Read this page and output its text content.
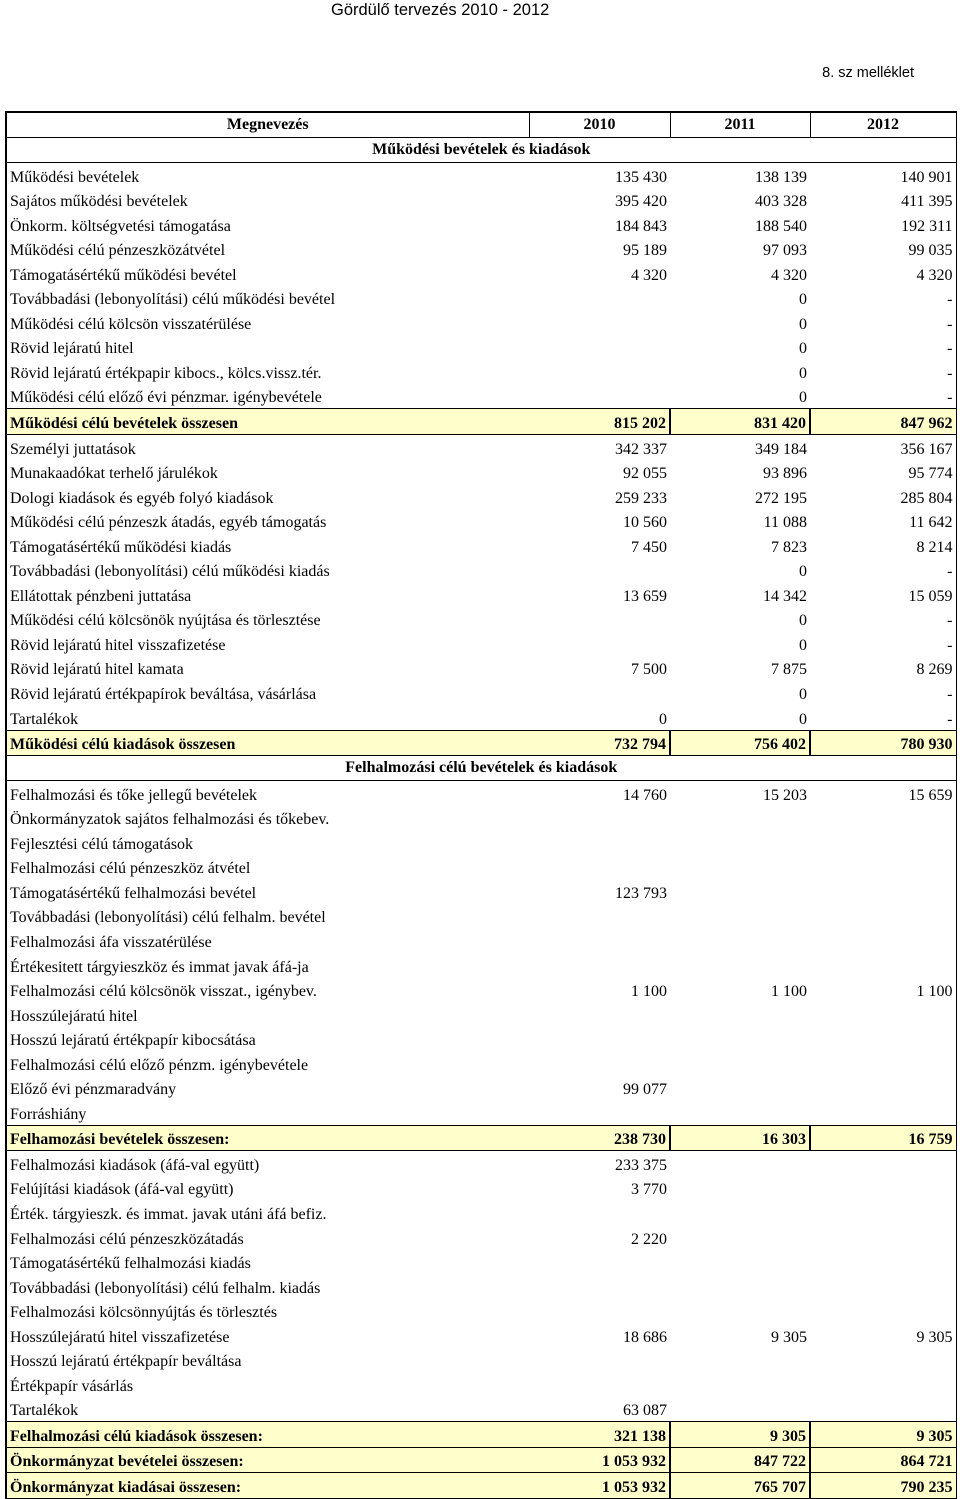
Gördülő tervezés 2010 - 2012
8. sz melléklet
Megnevezés	2010	2011	2012
Működési bevételek és kiadások			
Működési bevételek	135 430	138 139	140 901
Sajátos működési bevételek	395 420	403 328	411 395
Önkorm. költségvetési támogatása	184 843	188 540	192 311
Működési célú pénzeszközátvétel	95 189	97 093	99 035
Támogatásértékű működési bevétel	4 320	4 320	4 320
Továbbadási (lebonyolítási) célú működési bevétel		0	-
Működési célú kölcsön visszatérülése		0	-
Rövid lejáratú hitel		0	-
Rövid lejáratú értékpapir kibocs., kölcs.vissz.tér.		0	-
Működési célú előző évi pénzmar. igénybevétele		0	-
Működési célú bevételek összesen	815 202	831 420	847 962
Személyi juttatások	342 337	349 184	356 167
Munakaadókat terhelő járulékok	92 055	93 896	95 774
Dologi kiadások és egyéb folyó kiadások	259 233	272 195	285 804
Működési célú pénzeszk átadás, egyéb támogatás	10 560	11 088	11 642
Támogatásértékű működési kiadás	7 450	7 823	8 214
Továbbadási (lebonyolítási) célú működési kiadás		0	-
Ellátottak pénzbeni juttatása	13 659	14 342	15 059
Működési célú kölcsönök nyújtása és törlesztése		0	-
Rövid lejáratú hitel visszafizetése		0	-
Rövid lejáratú hitel kamata	7 500	7 875	8 269
Rövid lejáratú értékpapírok beváltása, vásárlása		0	-
Tartalékok	0	0	-
Működési célú kiadások összesen	732 794	756 402	780 930
Felhalmozási célú bevételek és kiadások			
Felhalmozási és tőke jellegű bevételek	14 760	15 203	15 659
Önkormányzatok sajátos felhalmozási és tőkebev.			
Fejlesztési célú támogatások			
Felhalmozási célú pénzeszköz átvétel			
Támogatásértékű felhalmozási bevétel	123 793		
Továbbadási (lebonyolítási) célú felhalm. bevétel			
Felhalmozási áfa visszatérülése			
Értékesitett tárgyieszköz és immat javak áfá-ja			
Felhalmozási célú kölcsönök visszat., igénybev.	1 100	1 100	1 100
Hosszúlejáratú hitel			
Hosszú lejáratú értékpapír kibocsátása			
Felhalmozási célú előző pénzm. igénybevétele			
Előző évi pénzmaradvány	99 077		
Forráshiány			
Felhamozási bevételek összesen:	238 730	16 303	16 759
Felhalmozási kiadások (áfá-val együtt)	233 375		
Felújítási kiadások (áfá-val együtt)	3 770		
Érték. tárgyieszk. és immat. javak utáni áfá befiz.			
Felhalmozási célú pénzeszközátadás	2 220		
Támogatásértékű felhalmozási kiadás			
Továbbadási (lebonyolítási) célú felhalm. kiadás			
Felhalmozási kölcsönnyújtás és törlesztés			
Hosszúlejáratú hitel visszafizetése	18 686	9 305	9 305
Hosszú lejáratú értékpapír beváltása			
Értékpapír vásárlás			
Tartalékok	63 087		
Felhalmozási célú kiadások összesen:	321 138	9 305	9 305
Önkormányzat bevételei összesen:	1 053 932	847 722	864 721
Önkormányzat kiadásai összesen:	1 053 932	765 707	790 235
